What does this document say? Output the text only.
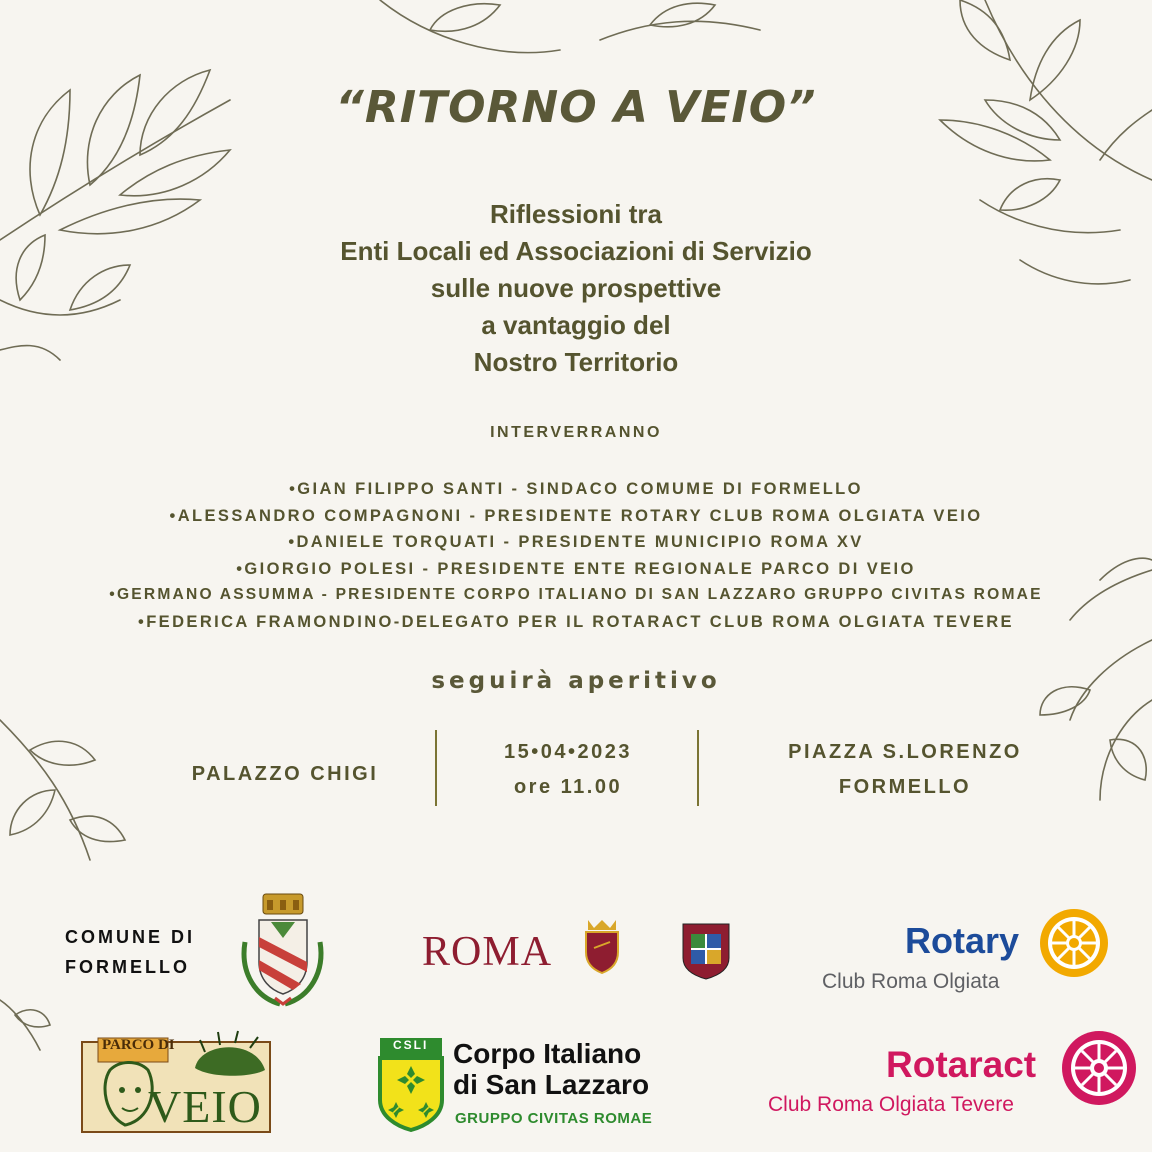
“RITORNO A VEIO”
Riflessioni tra
Enti Locali ed Associazioni di Servizio
sulle nuove prospettive
a vantaggio del
Nostro Territorio
INTERVERRANNO
•GIAN FILIPPO SANTI - SINDACO COMUME DI FORMELLO
•ALESSANDRO COMPAGNONI - PRESIDENTE ROTARY CLUB ROMA OLGIATA VEIO
•DANIELE TORQUATI - PRESIDENTE MUNICIPIO ROMA XV
•GIORGIO POLESI - PRESIDENTE ENTE REGIONALE PARCO DI VEIO
•GERMANO ASSUMMA - PRESIDENTE CORPO ITALIANO DI SAN LAZZARO GRUPPO CIVITAS ROMAE
•FEDERICA FRAMONDINO-DELEGATO PER IL ROTARACT CLUB ROMA OLGIATA TEVERE
seguirà aperitivo
PALAZZO CHIGI
15•04•2023
ore 11.00
PIAZZA S.LORENZO
FORMELLO
COMUNE DI
FORMELLO	ROMA	Rotary
Club Roma Olgiata
PARCO DI
VEIO
CSLI Corpo Italiano
di San Lazzaro
GRUPPO CIVITAS ROMAE
Rotaract
Club Roma Olgiata Tevere
